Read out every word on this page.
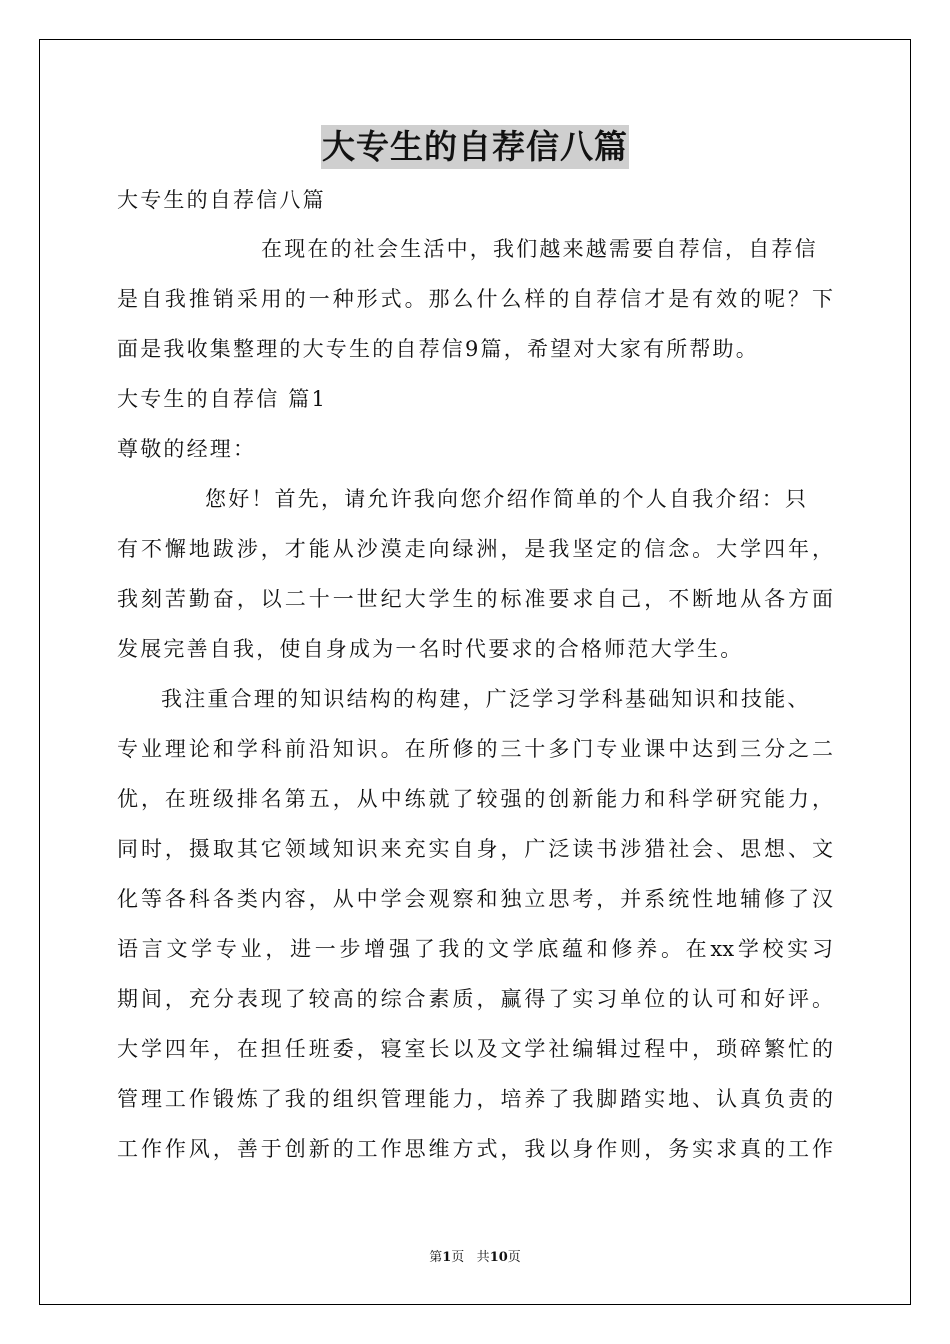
大专生的自荐信八篇
大专生的自荐信八篇
在现在的社会生活中，我们越来越需要自荐信，自荐信
是自我推销采用的一种形式。那么什么样的自荐信才是有效的呢？下
面是我收集整理的大专生的自荐信9篇，希望对大家有所帮助。
大专生的自荐信 篇1
尊敬的经理：
您好！首先，请允许我向您介绍作简单的个人自我介绍：只
有不懈地跋涉，才能从沙漠走向绿洲，是我坚定的信念。大学四年，
我刻苦勤奋，以二十一世纪大学生的标准要求自己，不断地从各方面
发展完善自我，使自身成为一名时代要求的合格师范大学生。
我注重合理的知识结构的构建，广泛学习学科基础知识和技能、
专业理论和学科前沿知识。在所修的三十多门专业课中达到三分之二
优，在班级排名第五，从中练就了较强的创新能力和科学研究能力，
同时，摄取其它领域知识来充实自身，广泛读书涉猎社会、思想、文
化等各科各类内容，从中学会观察和独立思考，并系统性地辅修了汉
语言文学专业，进一步增强了我的文学底蕴和修养。在xx学校实习
期间，充分表现了较高的综合素质，赢得了实习单位的认可和好评。
大学四年，在担任班委，寝室长以及文学社编辑过程中，琐碎繁忙的
管理工作锻炼了我的组织管理能力，培养了我脚踏实地、认真负责的
工作作风，善于创新的工作思维方式，我以身作则，务实求真的工作
第1页 共10页
